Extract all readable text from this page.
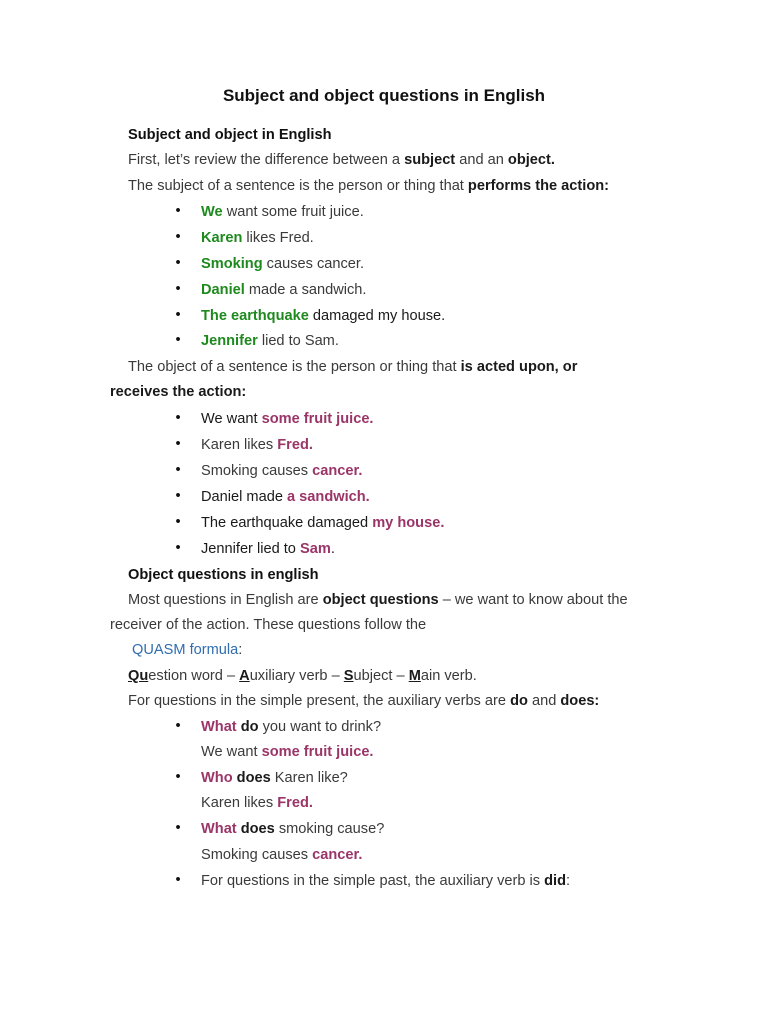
Subject and object questions in English
Subject and object in English
First, let’s review the difference between a subject and an object.
The subject of a sentence is the person or thing that performs the action:
• We want some fruit juice.
• Karen likes Fred.
• Smoking causes cancer.
• Daniel made a sandwich.
• The earthquake damaged my house.
• Jennifer lied to Sam.
The object of a sentence is the person or thing that is acted upon, or
receives the action:
• We want some fruit juice.
• Karen likes Fred.
• Smoking causes cancer.
• Daniel made a sandwich.
• The earthquake damaged my house.
• Jennifer lied to Sam.
Object questions in english
Most questions in English are object questions – we want to know about the
receiver of the action. These questions follow the
QUASM formula:
Question word – Auxiliary verb – Subject – Main verb.
For questions in the simple present, the auxiliary verbs are do and does:
• What do you want to drink?
We want some fruit juice.
• Who does Karen like?
Karen likes Fred.
• What does smoking cause?
Smoking causes cancer.
• For questions in the simple past, the auxiliary verb is did:
